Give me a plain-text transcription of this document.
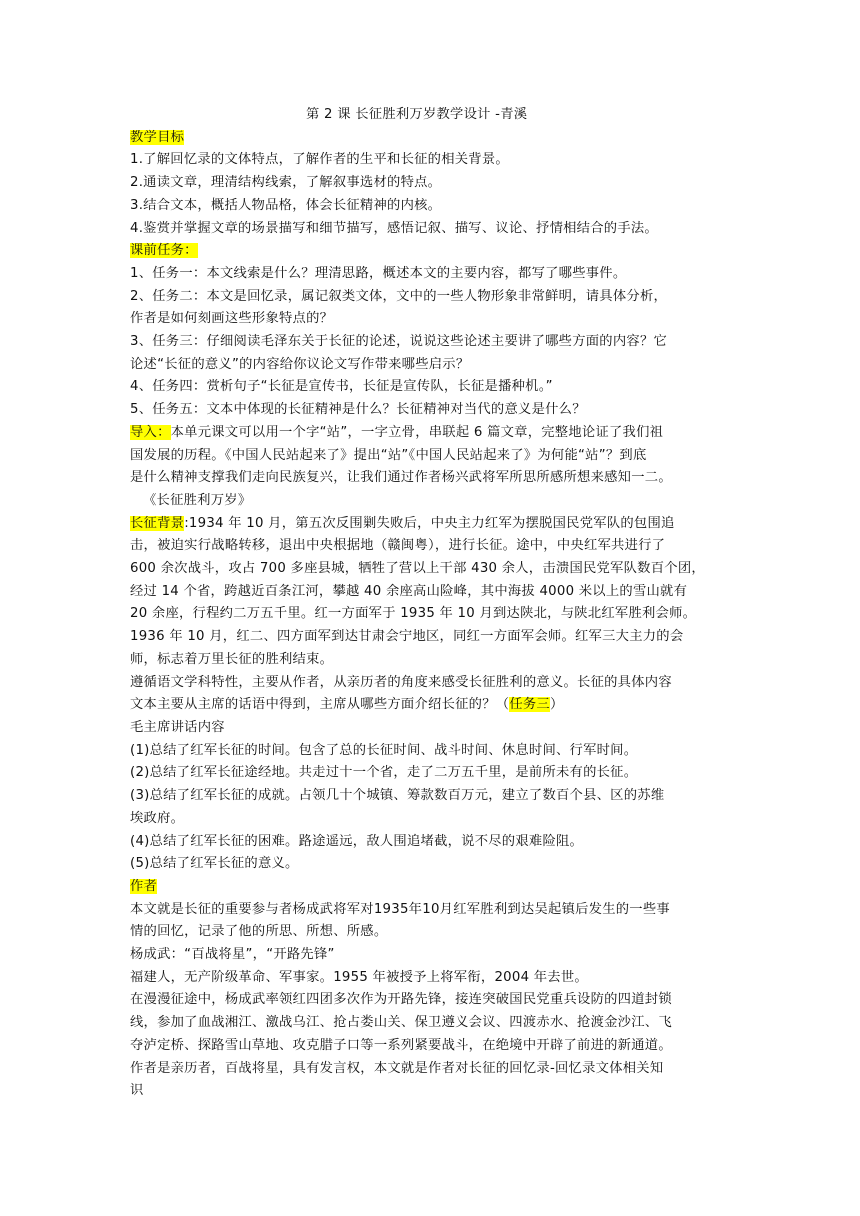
第 2 课 长征胜利万岁教学设计 -青溪
教学目标
1.了解回忆录的文体特点，了解作者的生平和长征的相关背景。
2.通读文章，理清结构线索，了解叙事选材的特点。
3.结合文本，概括人物品格，体会长征精神的内核。
4.鉴赏并掌握文章的场景描写和细节描写，感悟记叙、描写、议论、抒情相结合的手法。
课前任务：
1、任务一：本文线索是什么？理清思路，概述本文的主要内容，都写了哪些事件。
2、任务二：本文是回忆录，属记叙类文体，文中的一些人物形象非常鲜明，请具体分析，
作者是如何刻画这些形象特点的？
3、任务三：仔细阅读毛泽东关于长征的论述，说说这些论述主要讲了哪些方面的内容？它
论述“长征的意义”的内容给你议论文写作带来哪些启示？
4、任务四：赏析句子“长征是宣传书，长征是宣传队，长征是播种机。”
5、任务五：文本中体现的长征精神是什么？长征精神对当代的意义是什么？
导入：本单元课文可以用一个字“站”，一字立骨，串联起 6 篇文章，完整地论证了我们祖
国发展的历程。《中国人民站起来了》提出“站”《中国人民站起来了》为何能“站”？到底
是什么精神支撑我们走向民族复兴，让我们通过作者杨兴武将军所思所感所想来感知一二。
《长征胜利万岁》
长征背景:1934 年 10 月，第五次反围剿失败后，中央主力红军为摆脱国民党军队的包围追
击，被迫实行战略转移，退出中央根据地（赣闽粤），进行长征。途中，中央红军共进行了
600 余次战斗，攻占 700 多座县城，牺牲了营以上干部 430 余人，击溃国民党军队数百个团，
经过 14 个省，跨越近百条江河，攀越 40 余座高山险峰，其中海拔 4000 米以上的雪山就有
20 余座，行程约二万五千里。红一方面军于 1935 年 10 月到达陕北，与陕北红军胜利会师。
1936 年 10 月，红二、四方面军到达甘肃会宁地区，同红一方面军会师。红军三大主力的会
师，标志着万里长征的胜利结束。
遵循语文学科特性，主要从作者，从亲历者的角度来感受长征胜利的意义。长征的具体内容
文本主要从主席的话语中得到，主席从哪些方面介绍长征的？（任务三）
毛主席讲话内容
(1)总结了红军长征的时间。包含了总的长征时间、战斗时间、休息时间、行军时间。
(2)总结了红军长征途经地。共走过十一个省，走了二万五千里，是前所未有的长征。
(3)总结了红军长征的成就。占领几十个城镇、筹款数百万元，建立了数百个县、区的苏维
埃政府。
(4)总结了红军长征的困难。路途遥远，敌人围追堵截，说不尽的艰难险阻。
(5)总结了红军长征的意义。
作者
本文就是长征的重要参与者杨成武将军对1935年10月红军胜利到达吴起镇后发生的一些事
情的回忆，记录了他的所思、所想、所感。
杨成武：“百战将星”，“开路先锋”
福建人，无产阶级革命、军事家。1955 年被授予上将军衔，2004 年去世。
在漫漫征途中，杨成武率领红四团多次作为开路先锋，接连突破国民党重兵设防的四道封锁
线，参加了血战湘江、激战乌江、抢占娄山关、保卫遵义会议、四渡赤水、抢渡金沙江、飞
夺泸定桥、探路雪山草地、攻克腊子口等一系列紧要战斗，在绝境中开辟了前进的新通道。
作者是亲历者，百战将星，具有发言权，本文就是作者对长征的回忆录-回忆录文体相关知
识
